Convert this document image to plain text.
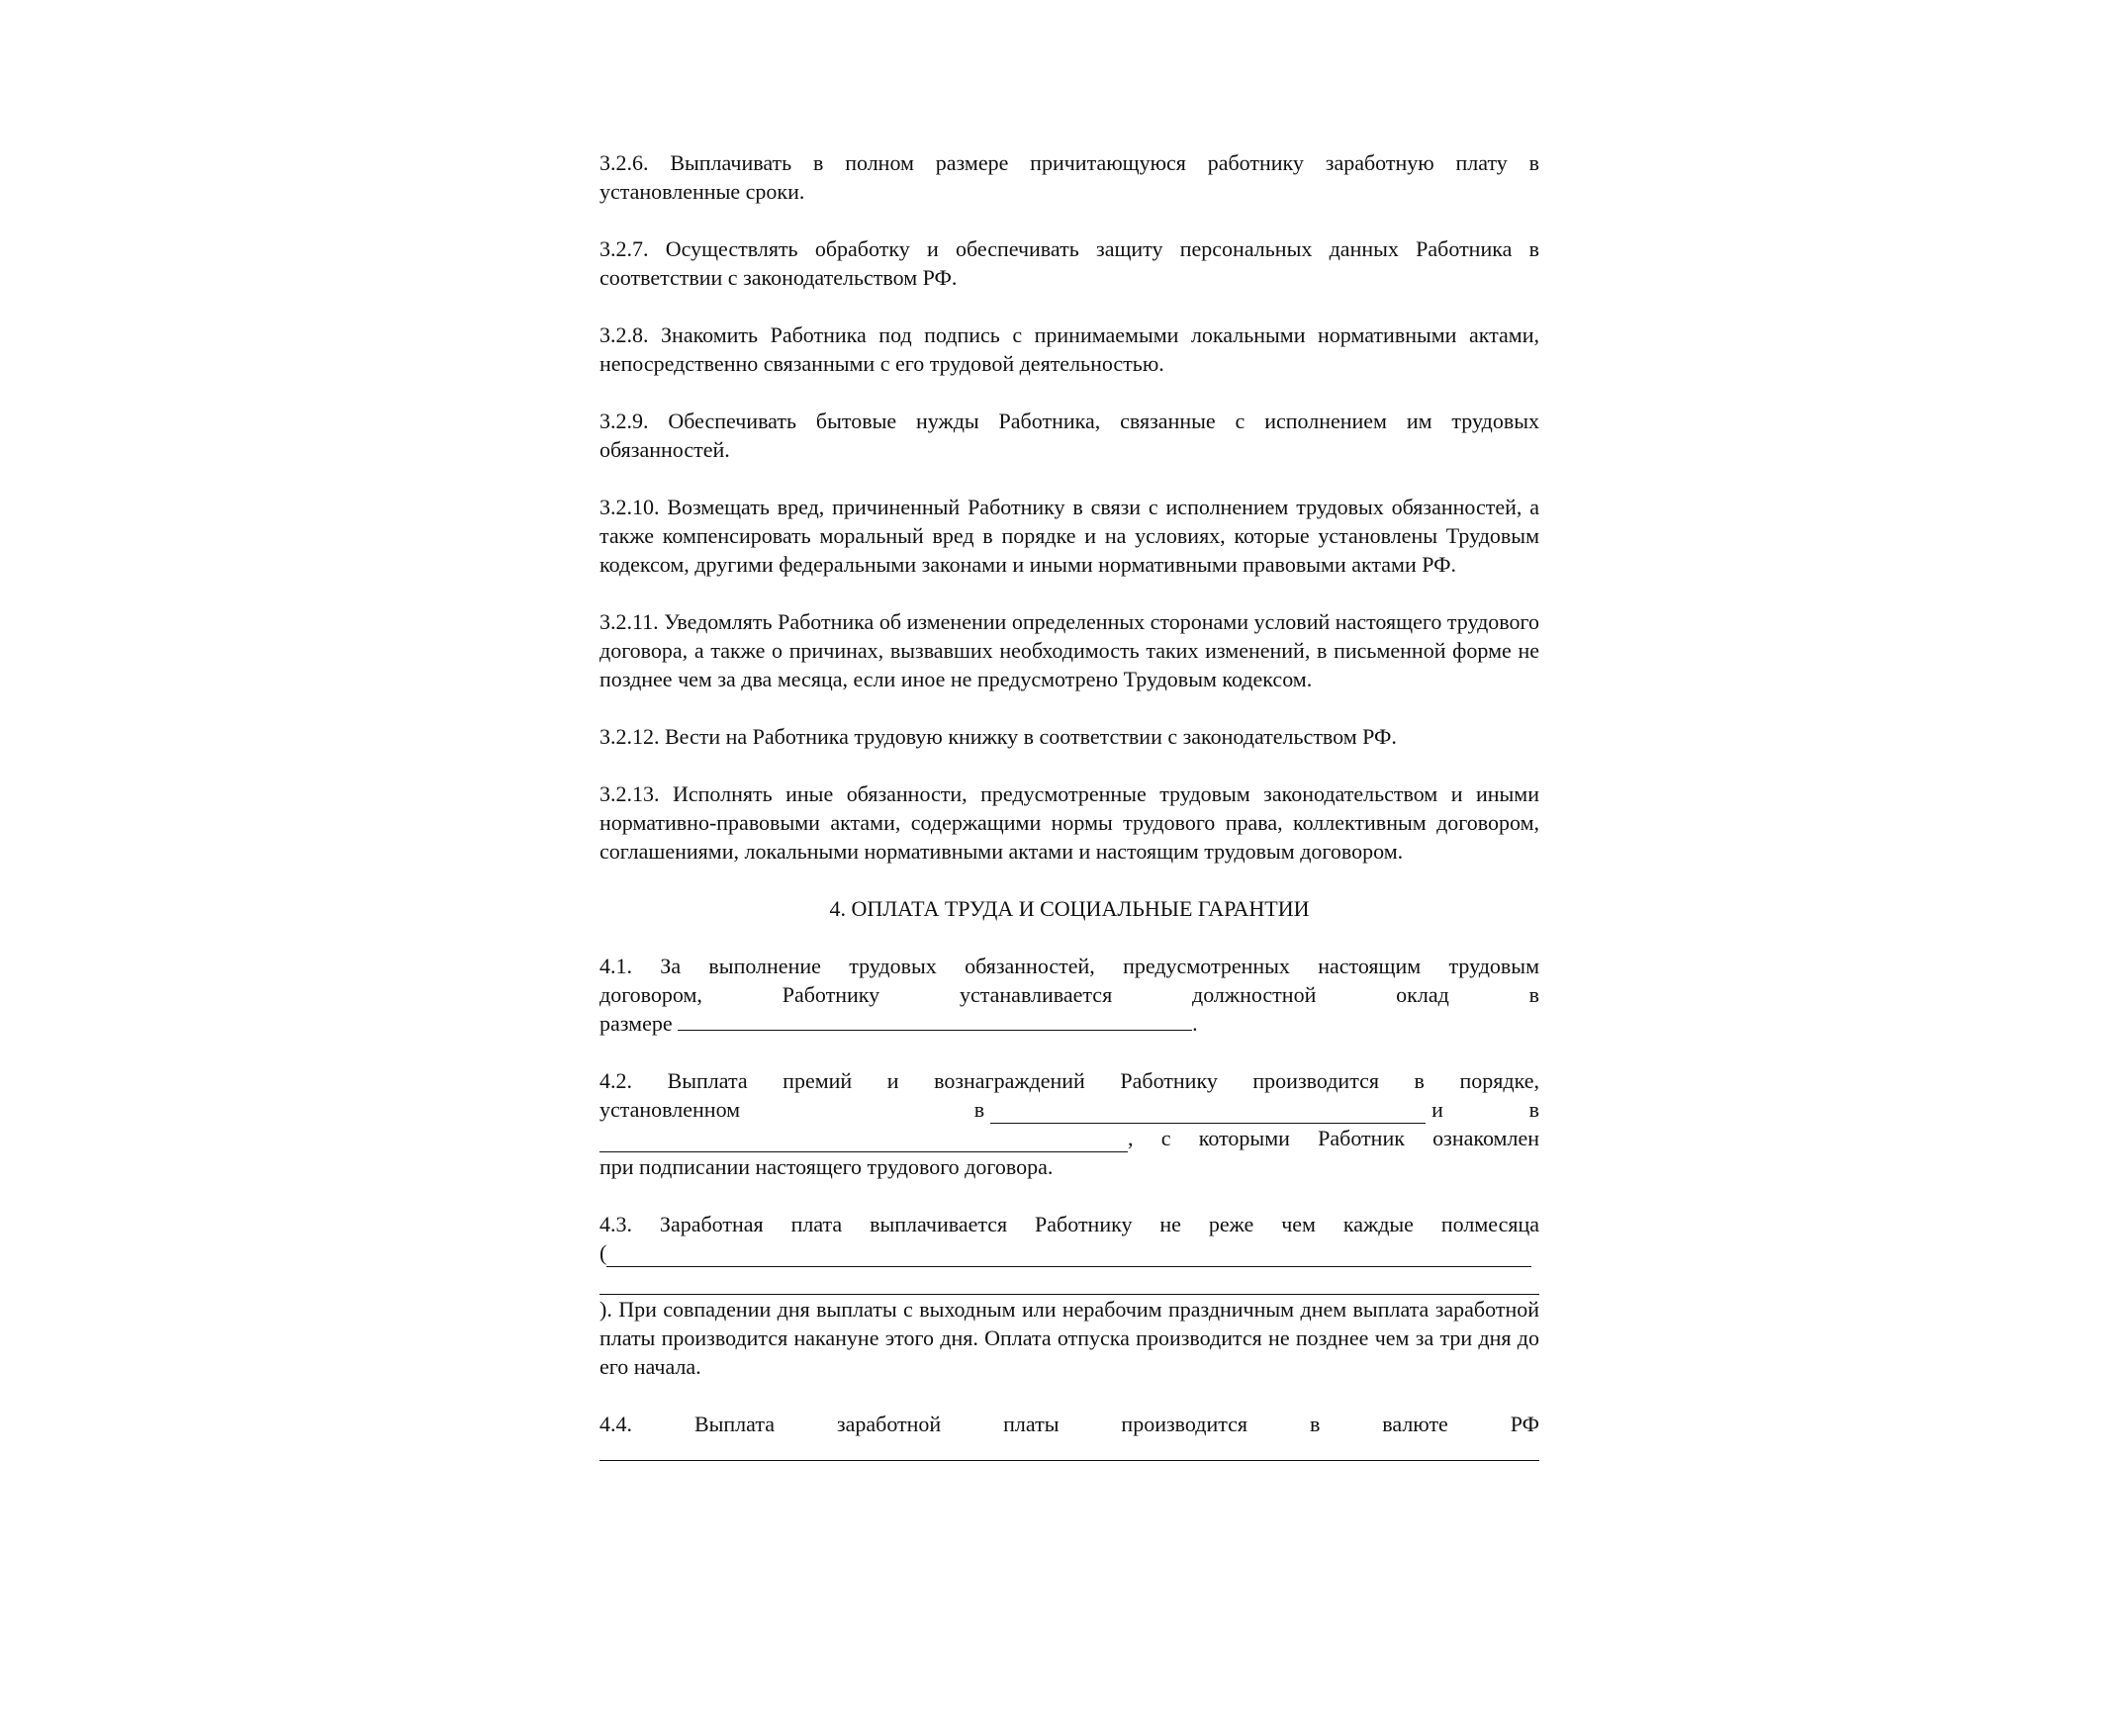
3.2.6. Выплачивать в полном размере причитающуюся работнику заработную плату в установленные сроки.

3.2.7. Осуществлять обработку и обеспечивать защиту персональных данных Работника в соответствии с законодательством РФ.

3.2.8. Знакомить Работника под подпись с принимаемыми локальными нормативными актами, непосредственно связанными с его трудовой деятельностью.

3.2.9. Обеспечивать бытовые нужды Работника, связанные с исполнением им трудовых обязанностей.

3.2.10. Возмещать вред, причиненный Работнику в связи с исполнением трудовых обязанностей, а также компенсировать моральный вред в порядке и на условиях, которые установлены Трудовым кодексом, другими федеральными законами и иными нормативными правовыми актами РФ.

3.2.11. Уведомлять Работника об изменении определенных сторонами условий настоящего трудового договора, а также о причинах, вызвавших необходимость таких изменений, в письменной форме не позднее чем за два месяца, если иное не предусмотрено Трудовым кодексом.

3.2.12. Вести на Работника трудовую книжку в соответствии с законодательством РФ.

3.2.13. Исполнять иные обязанности, предусмотренные трудовым законодательством и иными нормативно-правовыми актами, содержащими нормы трудового права, коллективным договором, соглашениями, локальными нормативными актами и настоящим трудовым договором.

4. ОПЛАТА ТРУДА И СОЦИАЛЬНЫЕ ГАРАНТИИ

4.1. За выполнение трудовых обязанностей, предусмотренных настоящим трудовым
договором, Работнику устанавливается должностной оклад в
размере	.
4.2. Выплата премий и вознаграждений Работнику производится в порядке,
установленном	в	и	в
, с которыми Работник ознакомлен
при подписании настоящего трудового договора.
4.3. Заработная плата выплачивается Работнику не реже чем каждые полмесяца
(
). При совпадении дня выплаты с выходным или нерабочим праздничным днем выплата заработной платы производится накануне этого дня. Оплата отпуска производится не позднее чем за три дня до его начала.
4.4. Выплата заработной платы производится в валюте РФ
